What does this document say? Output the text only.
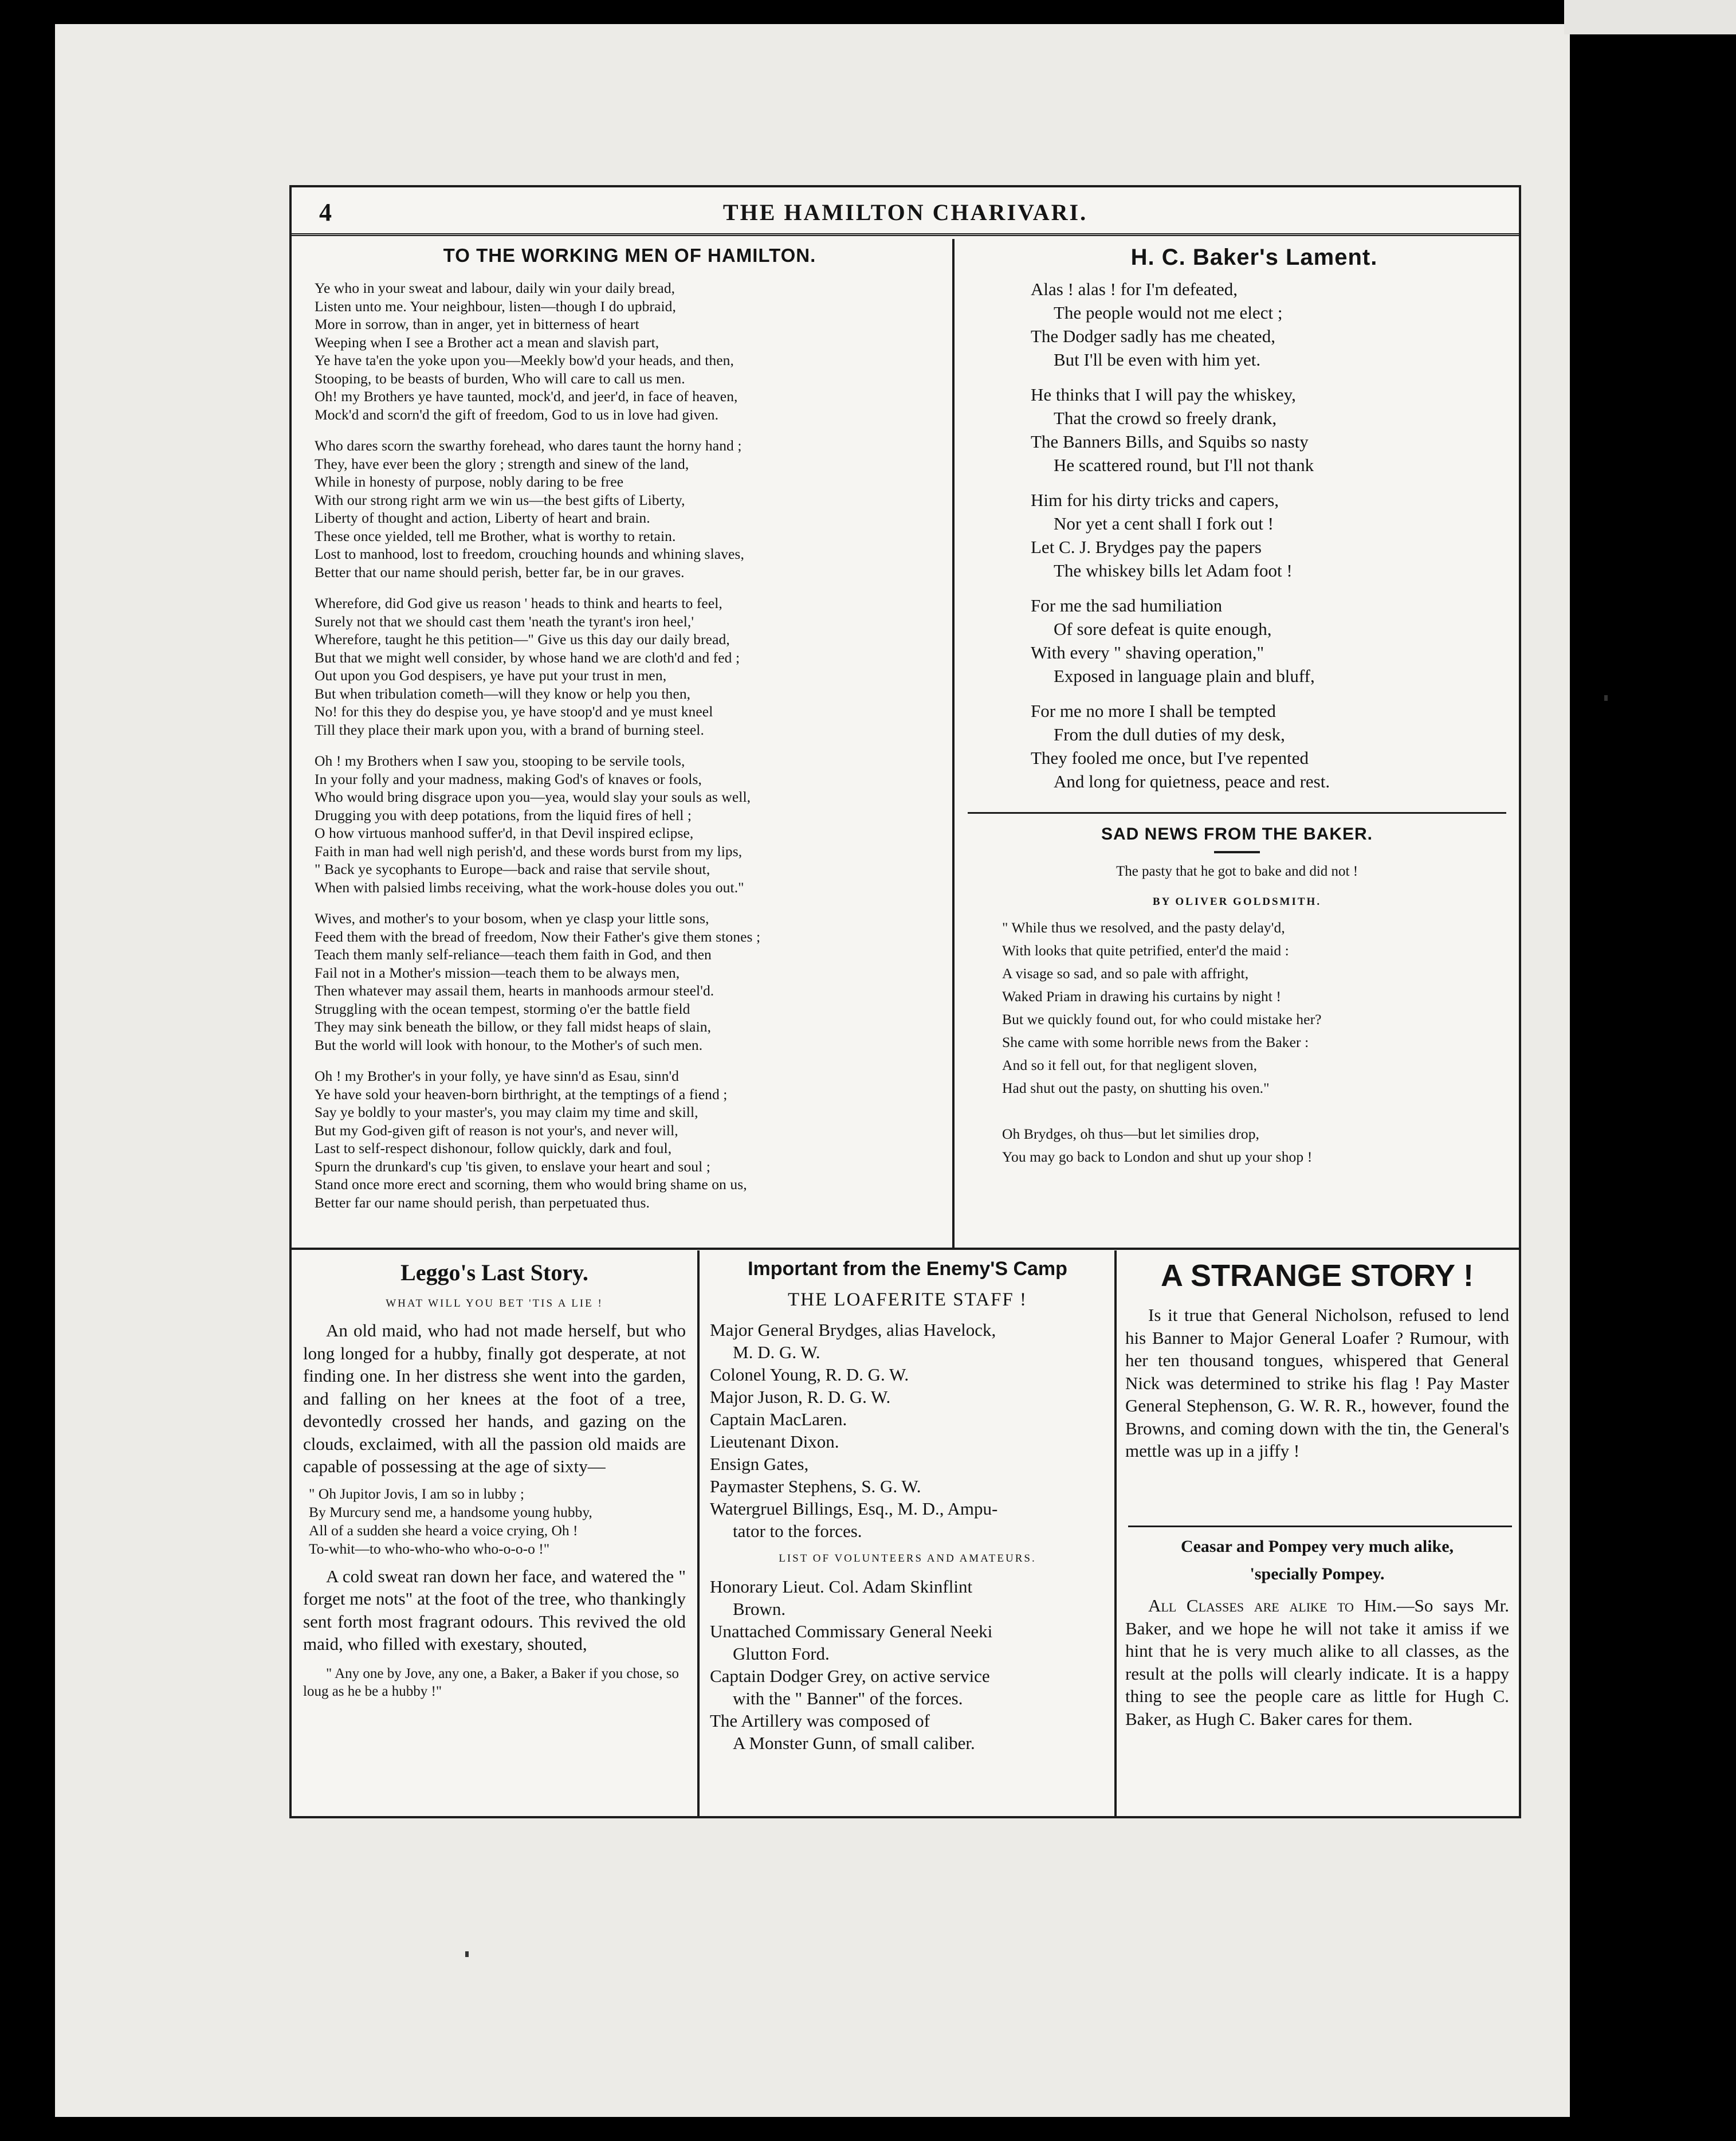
4	THE HAMILTON CHARIVARI.
TO THE WORKING MEN OF HAMILTON.

Ye who in your sweat and labour, daily win your daily bread,

Listen unto me. Your neighbour, listen—though I do upbraid,

More in sorrow, than in anger, yet in bitterness of heart

Weeping when I see a Brother act a mean and slavish part,

Ye have ta'en the yoke upon you—Meekly bow'd your heads, and then,

Stooping, to be beasts of burden, Who will care to call us men.

Oh! my Brothers ye have taunted, mock'd, and jeer'd, in face of heaven,

Mock'd and scorn'd the gift of freedom, God to us in love had given.

Who dares scorn the swarthy forehead, who dares taunt the horny hand ;

They, have ever been the glory ; strength and sinew of the land,

While in honesty of purpose, nobly daring to be free

With our strong right arm we win us—the best gifts of Liberty,

Liberty of thought and action, Liberty of heart and brain.

These once yielded, tell me Brother, what is worthy to retain.

Lost to manhood, lost to freedom, crouching hounds and whining slaves,

Better that our name should perish, better far, be in our graves.

Wherefore, did God give us reason ' heads to think and hearts to feel,

Surely not that we should cast them 'neath the tyrant's iron heel,'

Wherefore, taught he this petition—" Give us this day our daily bread,

But that we might well consider, by whose hand we are cloth'd and fed ;

Out upon you God despisers, ye have put your trust in men,

But when tribulation cometh—will they know or help you then,

No! for this they do despise you, ye have stoop'd and ye must kneel

Till they place their mark upon you, with a brand of burning steel.

Oh ! my Brothers when I saw you, stooping to be servile tools,

In your folly and your madness, making God's of knaves or fools,

Who would bring disgrace upon you—yea, would slay your souls as well,

Drugging you with deep potations, from the liquid fires of hell ;

O how virtuous manhood suffer'd, in that Devil inspired eclipse,

Faith in man had well nigh perish'd, and these words burst from my lips,

" Back ye sycophants to Europe—back and raise that servile shout,

When with palsied limbs receiving, what the work-house doles you out."

Wives, and mother's to your bosom, when ye clasp your little sons,

Feed them with the bread of freedom, Now their Father's give them stones ;

Teach them manly self-reliance—teach them faith in God, and then

Fail not in a Mother's mission—teach them to be always men,

Then whatever may assail them, hearts in manhoods armour steel'd.

Struggling with the ocean tempest, storming o'er the battle field

They may sink beneath the billow, or they fall midst heaps of slain,

But the world will look with honour, to the Mother's of such men.

Oh ! my Brother's in your folly, ye have sinn'd as Esau, sinn'd

Ye have sold your heaven-born birthright, at the temptings of a fiend ;

Say ye boldly to your master's, you may claim my time and skill,

But my God-given gift of reason is not your's, and never will,

Last to self-respect dishonour, follow quickly, dark and foul,

Spurn the drunkard's cup 'tis given, to enslave your heart and soul ;

Stand once more erect and scorning, them who would bring shame on us,

Better far our name should perish, than perpetuated thus.

H. C. Baker's Lament.

Alas ! alas ! for I'm defeated,

The people would not me elect ;

The Dodger sadly has me cheated,

But I'll be even with him yet.

He thinks that I will pay the whiskey,

That the crowd so freely drank,

The Banners Bills, and Squibs so nasty

He scattered round, but I'll not thank

Him for his dirty tricks and capers,

Nor yet a cent shall I fork out !

Let C. J. Brydges pay the papers

The whiskey bills let Adam foot !

For me the sad humiliation

Of sore defeat is quite enough,

With every " shaving operation,"

Exposed in language plain and bluff,

For me no more I shall be tempted

From the dull duties of my desk,

They fooled me once, but I've repented

And long for quietness, peace and rest.

SAD NEWS FROM THE BAKER.
The pasty that he got to bake and did not !
BY OLIVER GOLDSMITH.

" While thus we resolved, and the pasty delay'd,

With looks that quite petrified, enter'd the maid :

A visage so sad, and so pale with affright,

Waked Priam in drawing his curtains by night !

But we quickly found out, for who could mistake her?

She came with some horrible news from the Baker :

And so it fell out, for that negligent sloven,

Had shut out the pasty, on shutting his oven."

Oh Brydges, oh thus—but let similies drop,

You may go back to London and shut up your shop !

Leggo's Last Story.
WHAT WILL YOU BET 'TIS A LIE !

An old maid, who had not made herself, but who long longed for a hubby, finally got desperate, at not finding one. In her distress she went into the garden, and falling on her knees at the foot of a tree, devontedly crossed her hands, and gazing on the clouds, exclaimed, with all the passion old maids are capable of possessing at the age of sixty—

" Oh Jupitor Jovis, I am so in lubby ;

By Murcury send me, a handsome young hubby,

All of a sudden she heard a voice crying, Oh !

To-whit—to who-who-who who-o-o-o !"

A cold sweat ran down her face, and watered the " forget me nots" at the foot of the tree, who thankingly sent forth most fragrant odours. This revived the old maid, who filled with exestary, shouted,

" Any one by Jove, any one, a Baker, a Baker if you chose, so loug as he be a hubby !"

Important from the Enemy'S Camp
THE LOAFERITE STAFF !

Major General Brydges, alias Havelock,

M. D. G. W.

Colonel Young, R. D. G. W.

Major Juson, R. D. G. W.

Captain MacLaren.

Lieutenant Dixon.

Ensign Gates,

Paymaster Stephens, S. G. W.

Watergruel Billings, Esq., M. D., Ampu-

tator to the forces.

LIST OF VOLUNTEERS AND AMATEURS.

Honorary Lieut. Col. Adam Skinflint

Brown.

Unattached Commissary General Neeki

Glutton Ford.

Captain Dodger Grey, on active service

with the " Banner" of the forces.

The Artillery was composed of

A Monster Gunn, of small caliber.

A STRANGE STORY !

Is it true that General Nicholson, refused to lend his Banner to Major General Loafer ? Rumour, with her ten thousand tongues, whispered that General Nick was determined to strike his flag ! Pay Master General Stephenson, G. W. R. R., however, found the Browns, and coming down with the tin, the General's mettle was up in a jiffy !

Ceasar and Pompey very much alike,
'specially Pompey.

All Classes are alike to Him.—So says Mr. Baker, and we hope he will not take it amiss if we hint that he is very much alike to all classes, as the result at the polls will clearly indicate. It is a happy thing to see the people care as little for Hugh C. Baker, as Hugh C. Baker cares for them.
